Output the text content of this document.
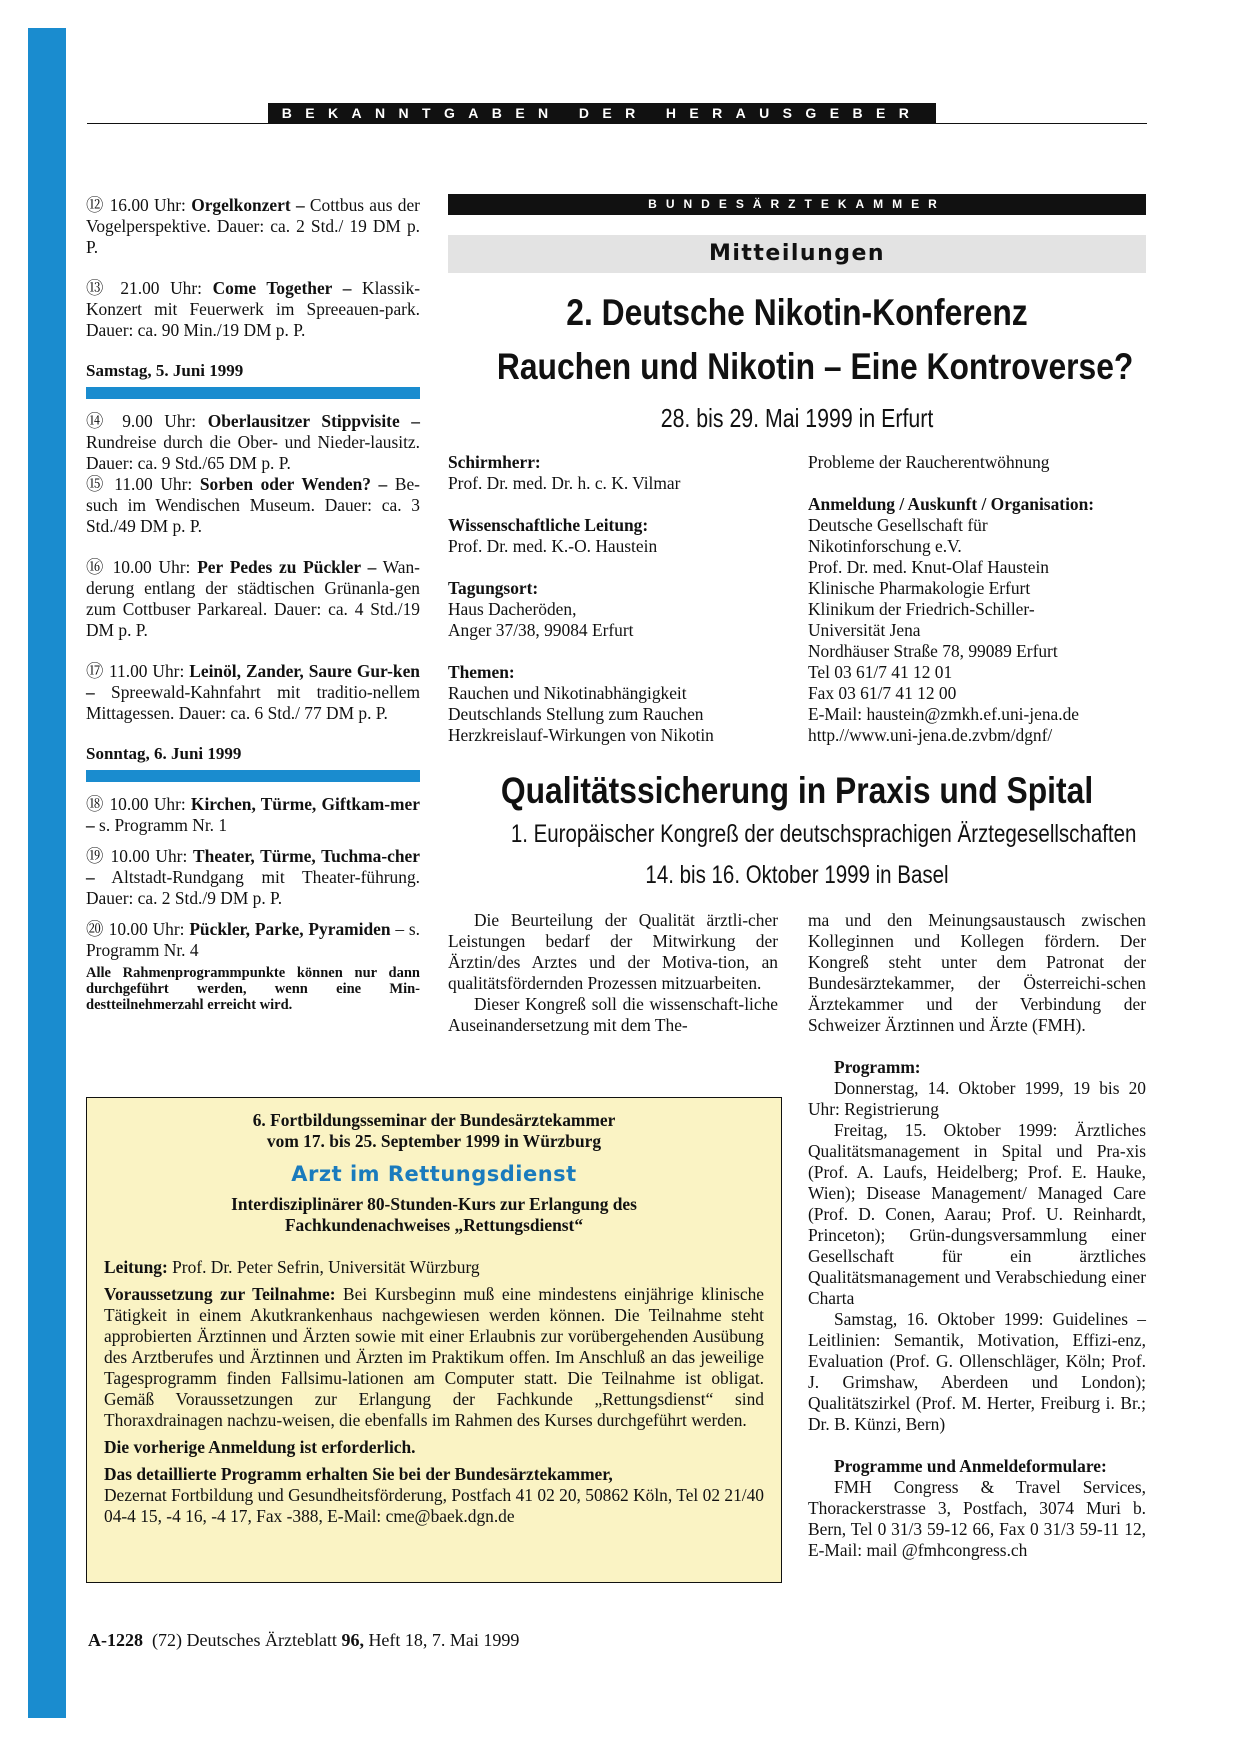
BEKANNTGABEN DER HERAUSGEBER

⑫ 16.00 Uhr: Orgelkonzert – Cottbus aus der Vogelperspektive. Dauer: ca. 2 Std./ 19 DM p. P.

⑬ 21.00 Uhr: Come Together – Klassik-Konzert mit Feuerwerk im Spreeauen-park. Dauer: ca. 90 Min./19 DM p. P.

Samstag, 5. Juni 1999

⑭ 9.00 Uhr: Oberlausitzer Stippvisite – Rundreise durch die Ober- und Nieder-lausitz. Dauer: ca. 9 Std./65 DM p. P.

⑮ 11.00 Uhr: Sorben oder Wenden? – Be-such im Wendischen Museum. Dauer: ca. 3 Std./49 DM p. P.

⑯ 10.00 Uhr: Per Pedes zu Pückler – Wan-derung entlang der städtischen Grünanla-gen zum Cottbuser Parkareal. Dauer: ca. 4 Std./19 DM p. P.

⑰ 11.00 Uhr: Leinöl, Zander, Saure Gur-ken – Spreewald-Kahnfahrt mit traditio-nellem Mittagessen. Dauer: ca. 6 Std./ 77 DM p. P.

Sonntag, 6. Juni 1999

⑱ 10.00 Uhr: Kirchen, Türme, Giftkam-mer – s. Programm Nr. 1

⑲ 10.00 Uhr: Theater, Türme, Tuchma-cher – Altstadt-Rundgang mit Theater-führung. Dauer: ca. 2 Std./9 DM p. P.

⑳ 10.00 Uhr: Pückler, Parke, Pyramiden – s. Programm Nr. 4

Alle Rahmenprogrammpunkte können nur dann durchgeführt werden, wenn eine Min-destteilnehmerzahl erreicht wird.

BUNDESÄRZTEKAMMER
Mitteilungen

2. Deutsche Nikotin-Konferenz

Rauchen und Nikotin – Eine Kontroverse?

28. bis 29. Mai 1999 in Erfurt

Schirmherr:

Prof. Dr. med. Dr. h. c. K. Vilmar

Wissenschaftliche Leitung:

Prof. Dr. med. K.-O. Haustein

Tagungsort:

Haus Dacheröden,

Anger 37/38, 99084 Erfurt

Themen:

Rauchen und Nikotinabhängigkeit

Deutschlands Stellung zum Rauchen

Herzkreislauf-Wirkungen von Nikotin

Probleme der Raucherentwöhnung

Anmeldung / Auskunft / Organisation:

Deutsche Gesellschaft für

Nikotinforschung e.V.

Prof. Dr. med. Knut-Olaf Haustein

Klinische Pharmakologie Erfurt

Klinikum der Friedrich-Schiller-

Universität Jena

Nordhäuser Straße 78, 99089 Erfurt

Tel 03 61/7 41 12 01

Fax 03 61/7 41 12 00

E-Mail: haustein@zmkh.ef.uni-jena.de

http.//www.uni-jena.de.zvbm/dgnf/

Qualitätssicherung in Praxis und Spital

1. Europäischer Kongreß der deutschsprachigen Ärztegesellschaften

14. bis 16. Oktober 1999 in Basel

Die Beurteilung der Qualität ärztli-cher Leistungen bedarf der Mitwirkung der Ärztin/des Arztes und der Motiva-tion, an qualitätsfördernden Prozessen mitzuarbeiten.

Dieser Kongreß soll die wissenschaft-liche Auseinandersetzung mit dem The-

ma und den Meinungsaustausch zwischen Kolleginnen und Kollegen fördern. Der Kongreß steht unter dem Patronat der Bundesärztekammer, der Österreichi-schen Ärztekammer und der Verbindung der Schweizer Ärztinnen und Ärzte (FMH).

Programm:

Donnerstag, 14. Oktober 1999, 19 bis 20 Uhr: Registrierung

Freitag, 15. Oktober 1999: Ärztliches Qualitätsmanagement in Spital und Pra-xis (Prof. A. Laufs, Heidelberg; Prof. E. Hauke, Wien); Disease Management/ Managed Care (Prof. D. Conen, Aarau; Prof. U. Reinhardt, Princeton); Grün-dungsversammlung einer Gesellschaft für ein ärztliches Qualitätsmanagement und Verabschiedung einer Charta

Samstag, 16. Oktober 1999: Guidelines – Leitlinien: Semantik, Motivation, Effizi-enz, Evaluation (Prof. G. Ollenschläger, Köln; Prof. J. Grimshaw, Aberdeen und London); Qualitätszirkel (Prof. M. Herter, Freiburg i. Br.; Dr. B. Künzi, Bern)

Programme und Anmeldeformulare:

FMH Congress & Travel Services, Thorackerstrasse 3, Postfach, 3074 Muri b. Bern, Tel 0 31/3 59-12 66, Fax 0 31/3 59-11 12, E-Mail: mail @fmhcongress.ch

6. Fortbildungsseminar der Bundesärztekammer

vom 17. bis 25. September 1999 in Würzburg

Arzt im Rettungsdienst

Interdisziplinärer 80-Stunden-Kurs zur Erlangung des

Fachkundenachweises „Rettungsdienst“

Leitung: Prof. Dr. Peter Sefrin, Universität Würzburg

Voraussetzung zur Teilnahme: Bei Kursbeginn muß eine mindestens einjährige klinische Tätigkeit in einem Akutkrankenhaus nachgewiesen werden können. Die Teilnahme steht approbierten Ärztinnen und Ärzten sowie mit einer Erlaubnis zur vorübergehenden Ausübung des Arztberufes und Ärztinnen und Ärzten im Praktikum offen. Im Anschluß an das jeweilige Tagesprogramm finden Fallsimu-lationen am Computer statt. Die Teilnahme ist obligat. Gemäß Voraussetzungen zur Erlangung der Fachkunde „Rettungsdienst“ sind Thoraxdrainagen nachzu-weisen, die ebenfalls im Rahmen des Kurses durchgeführt werden.

Die vorherige Anmeldung ist erforderlich.

Das detaillierte Programm erhalten Sie bei der Bundesärztekammer,

Dezernat Fortbildung und Gesundheitsförderung, Postfach 41 02 20, 50862 Köln, Tel 02 21/40 04-4 15, -4 16, -4 17, Fax -388, E-Mail: cme@baek.dgn.de

A-1228 (72) Deutsches Ärzteblatt 96, Heft 18, 7. Mai 1999
